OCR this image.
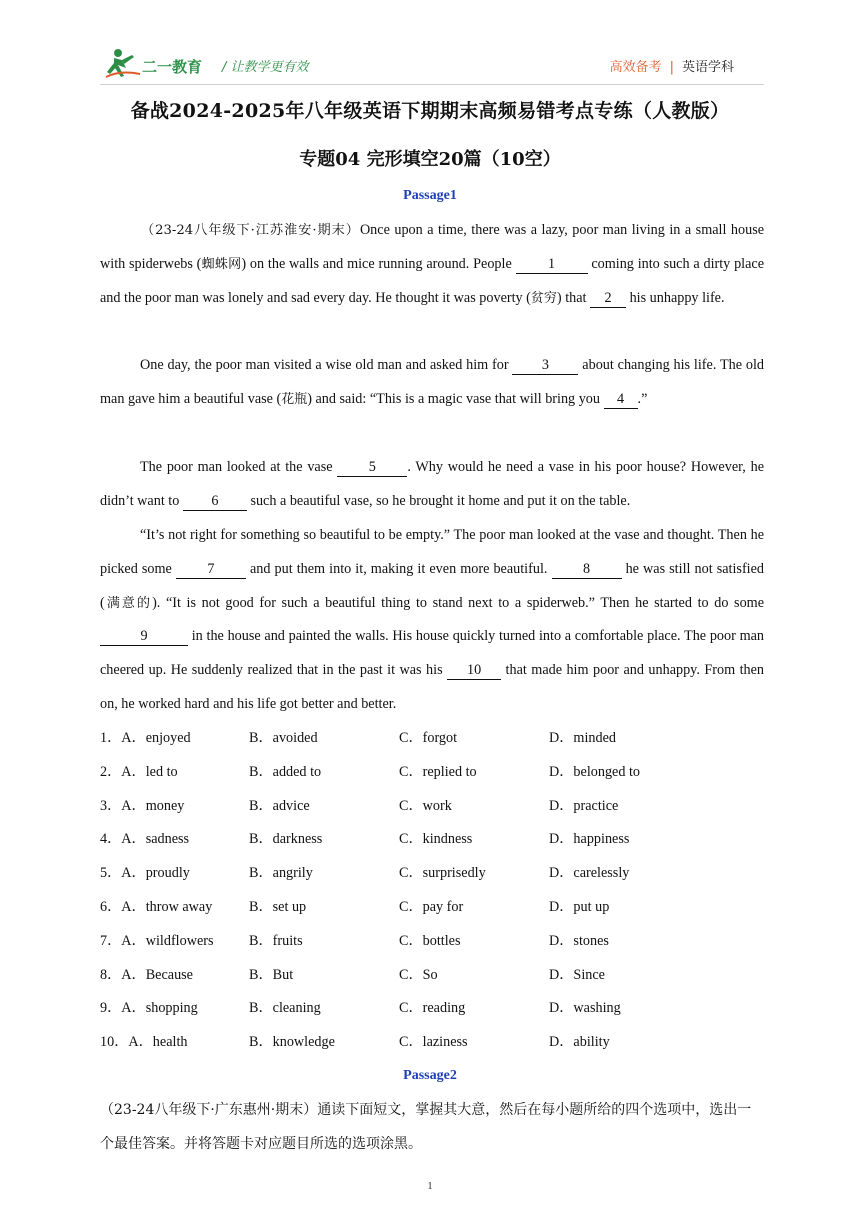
二一教育 / 让教学更有效	高效备考 | 英语学科
备战2024-2025年八年级英语下期期末高频易错考点专练（人教版）
专题04 完形填空20篇（10空）
Passage1
（23-24八年级下·江苏淮安·期末）Once upon a time, there was a lazy, poor man living in a small house with spiderwebs (蜘蛛网) on the walls and mice running around. People 1 coming into such a dirty place and the poor man was lonely and sad every day. He thought it was poverty (贫穷) that 2 his unhappy life.
One day, the poor man visited a wise old man and asked him for 3 about changing his life. The old man gave him a beautiful vase (花瓶) and said: “This is a magic vase that will bring you 4 .”
The poor man looked at the vase 5 . Why would he need a vase in his poor house? However, he didn’t want to 6 such a beautiful vase, so he brought it home and put it on the table.
“It’s not right for something so beautiful to be empty.” The poor man looked at the vase and thought. Then he picked some 7 and put them into it, making it even more beautiful. 8 he was still not satisfied (满意的). “It is not good for such a beautiful thing to stand next to a spiderweb.” Then he started to do some 9	in the house and painted the walls. His house quickly turned into a comfortable place. The poor man cheered up. He suddenly realized that in the past it was his 10 that made him poor and unhappy. From then on, he worked hard and his life got better and better.
1．A．enjoyed	B．avoided	C．forgot	D．minded
2．A．led to	B．added to	C．replied to	D．belonged to
3．A．money	B．advice	C．work	D．practice
4．A．sadness	B．darkness	C．kindness	D．happiness
5．A．proudly	B．angrily	C．surprisedly	D．carelessly
6．A．throw away	B．set up	C．pay for	D．put up
7．A．wildflowers	B．fruits	C．bottles	D．stones
8．A．Because	B．But	C．So	D．Since
9．A．shopping	B．cleaning	C．reading	D．washing
10．A．health	B．knowledge	C．laziness	D．ability
Passage2
（23-24八年级下·广东惠州·期末）通读下面短文，掌握其大意，然后在每小题所给的四个选项中，选出一个最佳答案。并将答题卡对应题目所选的选项涂黑。
1
